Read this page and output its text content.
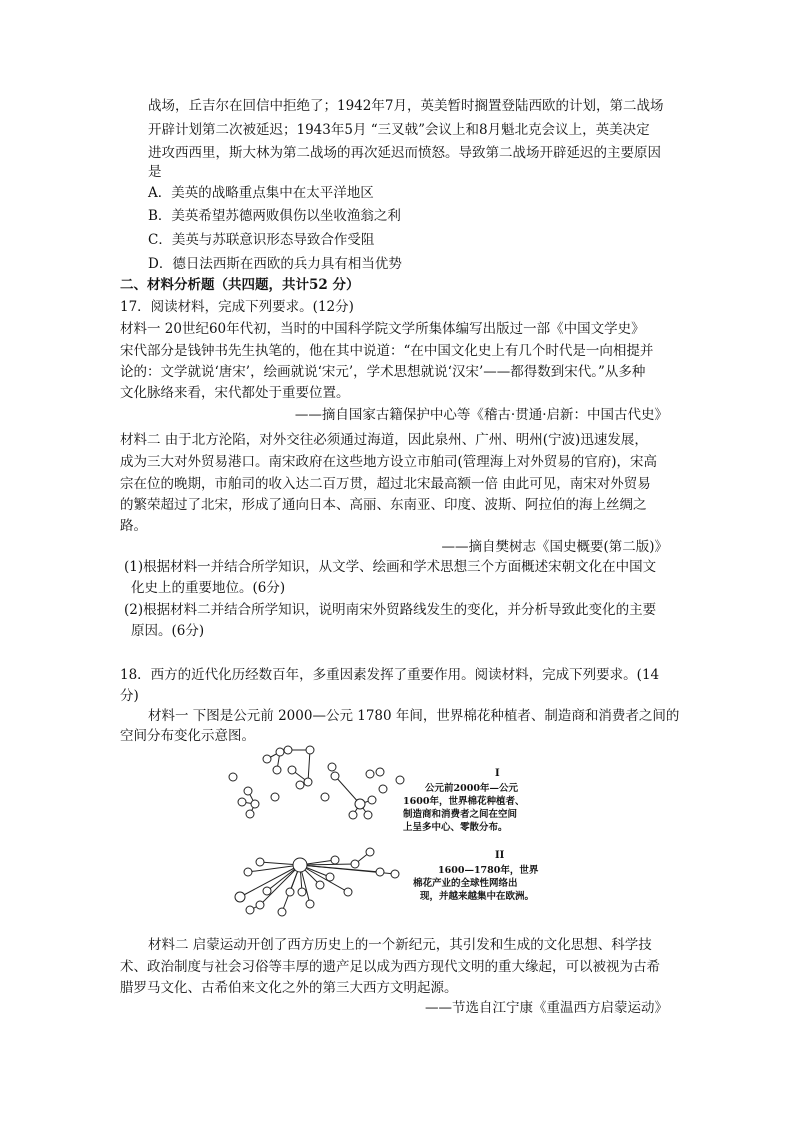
战场，丘吉尔在回信中拒绝了；1942年7月，英美暂时搁置登陆西欧的计划，第二战场
开辟计划第二次被延迟；1943年5月 “三叉戟”会议上和8月魁北克会议上，英美决定
进攻西西里，斯大林为第二战场的再次延迟而愤怒。导致第二战场开辟延迟的主要原因
是
A．美英的战略重点集中在太平洋地区
B．美英希望苏德两败俱伤以坐收渔翁之利
C．美英与苏联意识形态导致合作受阻
D．德日法西斯在西欧的兵力具有相当优势
二、材料分析题（共四题，共计52 分）
17．阅读材料，完成下列要求。(12分)
材料一 20世纪60年代初，当时的中国科学院文学所集体编写出版过一部《中国文学史》
宋代部分是钱钟书先生执笔的，他在其中说道：“在中国文化史上有几个时代是一向相提并
论的：文学就说‘唐宋’，绘画就说‘宋元’，学术思想就说‘汉宋’——都得数到宋代。”从多种
文化脉络来看，宋代都处于重要位置。
——摘自国家古籍保护中心等《稽古·贯通·启新：中国古代史》
材料二 由于北方沦陷，对外交往必须通过海道，因此泉州、广州、明州(宁波)迅速发展，
成为三大对外贸易港口。南宋政府在这些地方设立市舶司(管理海上对外贸易的官府)，宋高
宗在位的晚期，市舶司的收入达二百万贯，超过北宋最高额一倍 由此可见，南宋对外贸易
的繁荣超过了北宋，形成了通向日本、高丽、东南亚、印度、波斯、阿拉伯的海上丝绸之
路。
——摘自樊树志《国史概要(第二版)》
(1)根据材料一并结合所学知识，从文学、绘画和学术思想三个方面概述宋朝文化在中国文
化史上的重要地位。(6分)
(2)根据材料二并结合所学知识，说明南宋外贸路线发生的变化，并分析导致此变化的主要
原因。(6分)
18．西方的近代化历经数百年，多重因素发挥了重要作用。阅读材料，完成下列要求。(14
分)
材料一 下图是公元前 2000—公元 1780 年间，世界棉花种植者、制造商和消费者之间的
空间分布变化示意图。
I
公元前2000年—公元
1600年，世界棉花种植者、
制造商和消费者之间在空间
上呈多中心、零散分布。
II
1600—1780年，世界
棉花产业的全球性网络出
现，并越来越集中在欧洲。
材料二 启蒙运动开创了西方历史上的一个新纪元，其引发和生成的文化思想、科学技
术、政治制度与社会习俗等丰厚的遗产足以成为西方现代文明的重大缘起，可以被视为古希
腊罗马文化、古希伯来文化之外的第三大西方文明起源。
——节选自江宁康《重温西方启蒙运动》
